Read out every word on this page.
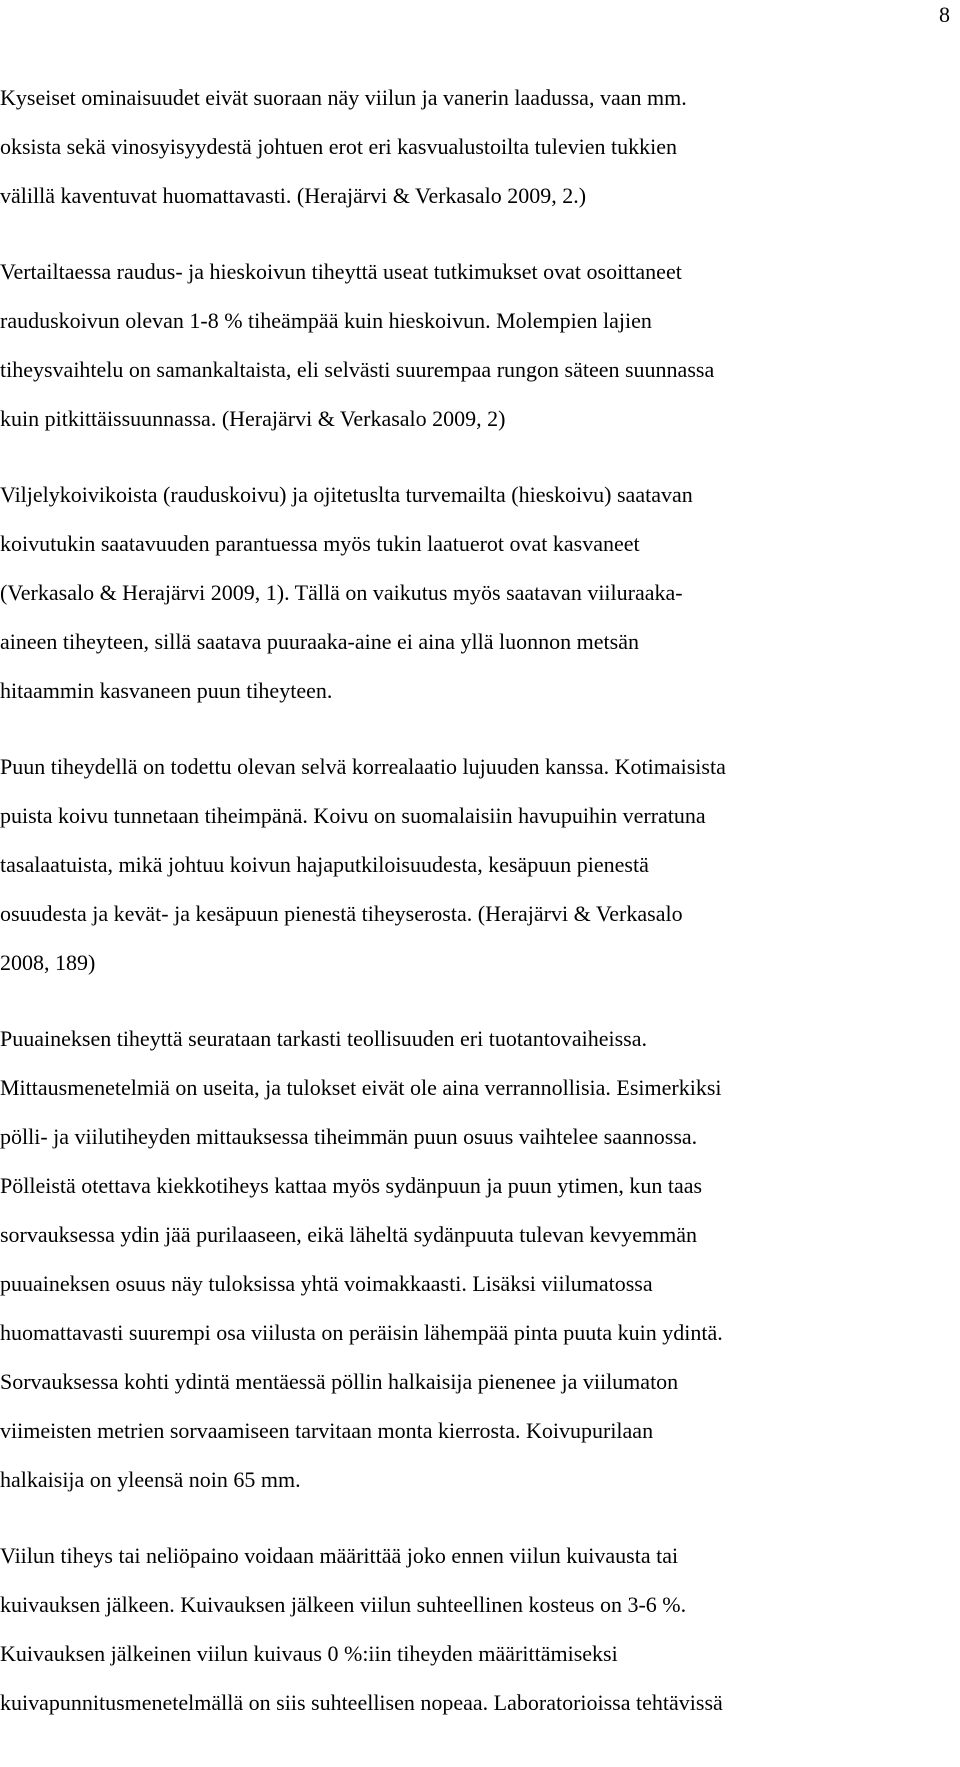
8

Kyseiset ominaisuudet eivät suoraan näy viilun ja vanerin laadussa, vaan mm.
oksista sekä vinosyisyydestä johtuen erot eri kasvualustoilta tulevien tukkien
välillä kaventuvat huomattavasti. (Herajärvi & Verkasalo 2009, 2.)

Vertailtaessa raudus- ja hieskoivun tiheyttä useat tutkimukset ovat osoittaneet
rauduskoivun olevan 1-8 % tiheämpää kuin hieskoivun. Molempien lajien
tiheysvaihtelu on samankaltaista, eli selvästi suurempaa rungon säteen suunnassa
kuin pitkittäissuunnassa. (Herajärvi & Verkasalo 2009, 2)

Viljelykoivikoista (rauduskoivu) ja ojitetuslta turvemailta (hieskoivu) saatavan
koivutukin saatavuuden parantuessa myös tukin laatuerot ovat kasvaneet
(Verkasalo & Herajärvi 2009, 1). Tällä on vaikutus myös saatavan viiluraaka-
aineen tiheyteen, sillä saatava puuraaka-aine ei aina yllä luonnon metsän
hitaammin kasvaneen puun tiheyteen.

Puun tiheydellä on todettu olevan selvä korrealaatio lujuuden kanssa. Kotimaisista
puista koivu tunnetaan tiheimpänä. Koivu on suomalaisiin havupuihin verratuna
tasalaatuista, mikä johtuu koivun hajaputkiloisuudesta, kesäpuun pienestä
osuudesta ja kevät- ja kesäpuun pienestä tiheyserosta. (Herajärvi & Verkasalo
2008, 189)

Puuaineksen tiheyttä seurataan tarkasti teollisuuden eri tuotantovaiheissa.
Mittausmenetelmiä on useita, ja tulokset eivät ole aina verrannollisia. Esimerkiksi
pölli- ja viilutiheyden mittauksessa tiheimmän puun osuus vaihtelee saannossa.
Pölleistä otettava kiekkotiheys kattaa myös sydänpuun ja puun ytimen, kun taas
sorvauksessa ydin jää purilaaseen, eikä läheltä sydänpuuta tulevan kevyemmän
puuaineksen osuus näy tuloksissa yhtä voimakkaasti. Lisäksi viilumatossa
huomattavasti suurempi osa viilusta on peräisin lähempää pinta puuta kuin ydintä.
Sorvauksessa kohti ydintä mentäessä pöllin halkaisija pienenee ja viilumaton
viimeisten metrien sorvaamiseen tarvitaan monta kierrosta. Koivupurilaan
halkaisija on yleensä noin 65 mm.

Viilun tiheys tai neliöpaino voidaan määrittää joko ennen viilun kuivausta tai
kuivauksen jälkeen. Kuivauksen jälkeen viilun suhteellinen kosteus on 3-6 %.
Kuivauksen jälkeinen viilun kuivaus 0 %:iin tiheyden määrittämiseksi
kuivapunnitusmenetelmällä on siis suhteellisen nopeaa. Laboratorioissa tehtävissä
